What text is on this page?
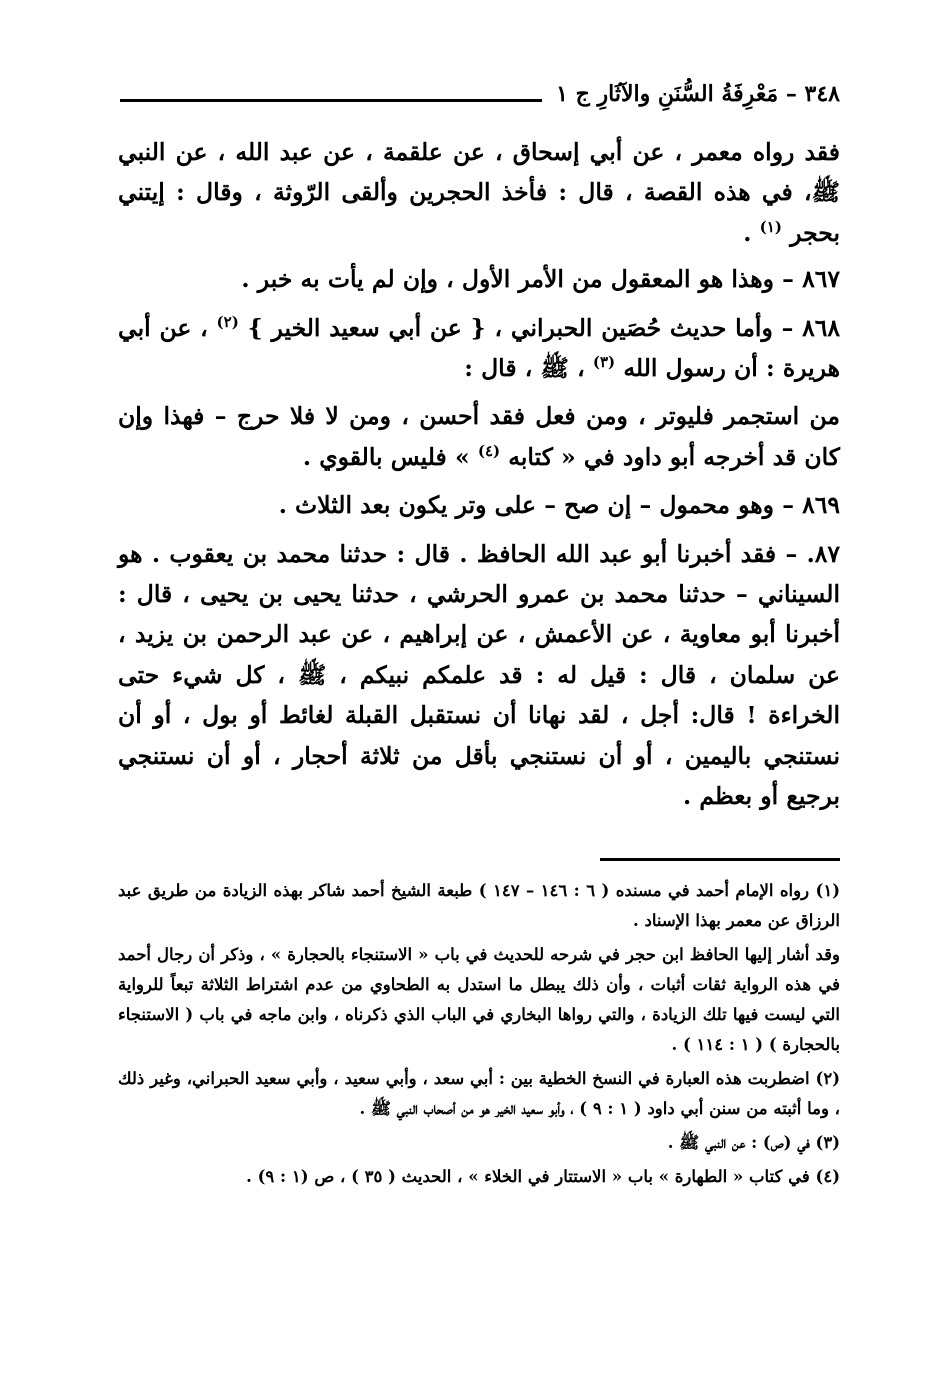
٣٤٨ – مَعْرِفَةُ السُّنَنِ والآثَارِ ج ١

فقد رواه معمر ، عن أبي إسحاق ، عن علقمة ، عن عبد الله ، عن النبي ﷺ، في هذه القصة ، قال : فأخذ الحجرين وألقى الرّوثة ، وقال : إيتني بحجر $^{(١)}$ .

٨٦٧ – وهذا هو المعقول من الأمر الأول ، وإن لم يأت به خبر .

٨٦٨ – وأما حديث حُصَين الحبراني ، { عن أبي سعيد الخير } $^{(٢)}$ ، عن أبي هريرة : أن رسول الله $^{(٣)}$ ، ﷺ ، قال :

من استجمر فليوتر ، ومن فعل فقد أحسن ، ومن لا فلا حرج – فهذا وإن كان قد أخرجه أبو داود في « كتابه $^{(٤)}$ » فليس بالقوي .

٨٦٩ – وهو محمول – إن صح – على وتر يكون بعد الثلاث .

٨٧. – فقد أخبرنا أبو عبد الله الحافظ . قال : حدثنا محمد بن يعقوب . هو السيناني – حدثنا محمد بن عمرو الحرشي ، حدثنا يحيى بن يحيى ، قال : أخبرنا أبو معاوية ، عن الأعمش ، عن إبراهيم ، عن عبد الرحمن بن يزيد ، عن سلمان ، قال : قيل له : قد علمكم نبيكم ، ﷺ ، كل شيء حتى الخراءة ! قال: أجل ، لقد نهانا أن نستقبل القبلة لغائط أو بول ، أو أن نستنجي باليمين ، أو أن نستنجي بأقل من ثلاثة أحجار ، أو أن نستنجي برجيع أو بعظم .

(١) رواه الإمام أحمد في مسنده ( ٦ : ١٤٦ – ١٤٧ ) طبعة الشيخ أحمد شاكر بهذه الزيادة من طريق عبد الرزاق عن معمر بهذا الإسناد .

وقد أشار إليها الحافظ ابن حجر في شرحه للحديث في باب « الاستنجاء بالحجارة » ، وذكر أن رجال أحمد في هذه الرواية ثقات أثبات ، وأن ذلك يبطل ما استدل به الطحاوي من عدم اشتراط الثلاثة تبعاً للرواية التي ليست فيها تلك الزيادة ، والتي رواها البخاري في الباب الذي ذكرناه ، وابن ماجه في باب ( الاستنجاء بالحجارة ) ( ١ : ١١٤ ) .

(٢) اضطربت هذه العبارة في النسخ الخطية بين : أبي سعد ، وأبي سعيد ، وأبي سعيد الحبراني، وغير ذلك ، وما أثبته من سنن أبي داود ( ١ : ٩ ) ، وأبو سعيد الخير هو من أصحاب النبي ﷺ .

(٣) في (ص) : عن النبي ﷺ .

(٤) في كتاب « الطهارة » باب « الاستتار في الخلاء » ، الحديث ( ٣٥ ) ، ص (١ : ٩) .
